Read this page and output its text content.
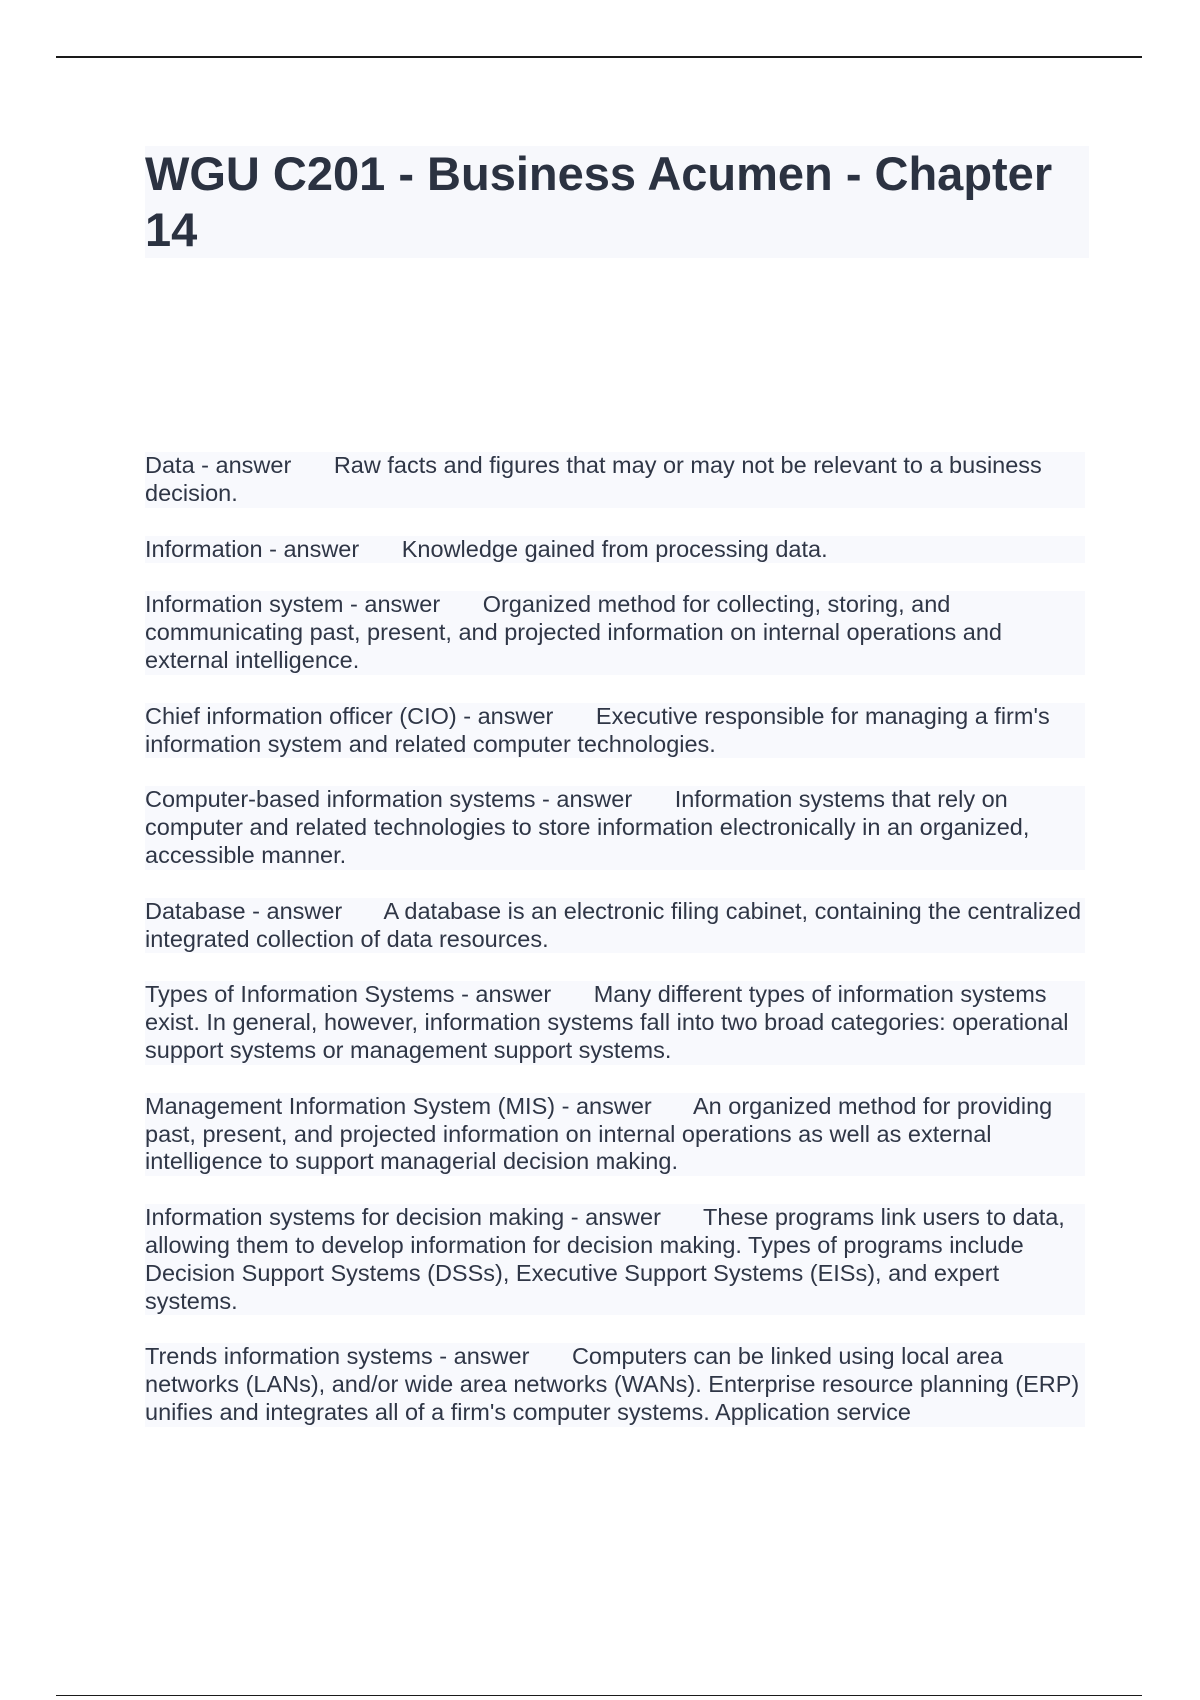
WGU C201 - Business Acumen - Chapter 14
Data - answer Raw facts and figures that may or may not be relevant to a business decision.
Information - answer Knowledge gained from processing data.
Information system - answer Organized method for collecting, storing, and communicating past, present, and projected information on internal operations and external intelligence.
Chief information officer (CIO) - answer Executive responsible for managing a firm's information system and related computer technologies.
Computer-based information systems - answer Information systems that rely on computer and related technologies to store information electronically in an organized, accessible manner.
Database - answer A database is an electronic filing cabinet, containing the centralized integrated collection of data resources.
Types of Information Systems - answer Many different types of information systems exist. In general, however, information systems fall into two broad categories: operational support systems or management support systems.
Management Information System (MIS) - answer An organized method for providing past, present, and projected information on internal operations as well as external intelligence to support managerial decision making.
Information systems for decision making - answer These programs link users to data, allowing them to develop information for decision making. Types of programs include Decision Support Systems (DSSs), Executive Support Systems (EISs), and expert systems.
Trends information systems - answer Computers can be linked using local area networks (LANs), and/or wide area networks (WANs). Enterprise resource planning (ERP) unifies and integrates all of a firm's computer systems. Application service
